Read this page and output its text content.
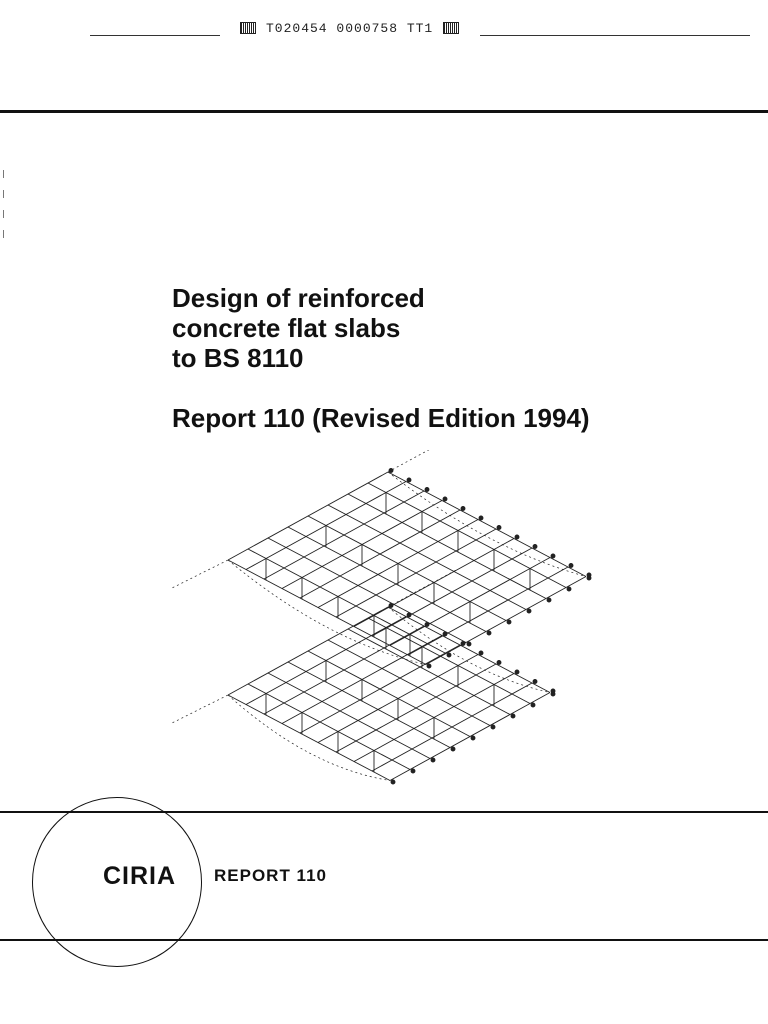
T020454 0000758 TT1
Design of reinforced
concrete flat slabs
to BS 8110
Report 110 (Revised Edition 1994)
CIRIA REPORT 110
